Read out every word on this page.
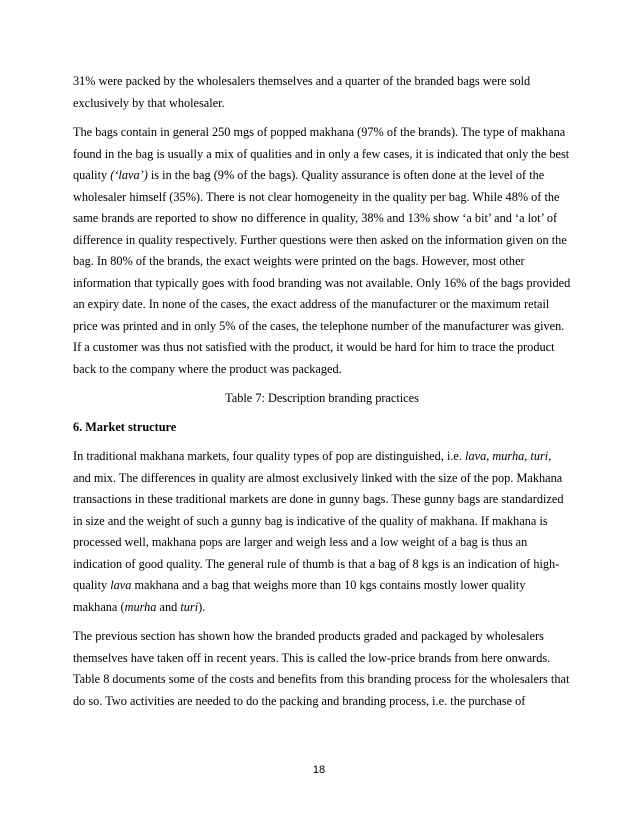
31% were packed by the wholesalers themselves and a quarter of the branded bags were sold exclusively by that wholesaler.

The bags contain in general 250 mgs of popped makhana (97% of the brands). The type of makhana found in the bag is usually a mix of qualities and in only a few cases, it is indicated that only the best quality (‘lava’) is in the bag (9% of the bags). Quality assurance is often done at the level of the wholesaler himself (35%). There is not clear homogeneity in the quality per bag. While 48% of the same brands are reported to show no difference in quality, 38% and 13% show ‘a bit’ and ‘a lot’ of difference in quality respectively. Further questions were then asked on the information given on the bag. In 80% of the brands, the exact weights were printed on the bags. However, most other information that typically goes with food branding was not available. Only 16% of the bags provided an expiry date. In none of the cases, the exact address of the manufacturer or the maximum retail price was printed and in only 5% of the cases, the telephone number of the manufacturer was given. If a customer was thus not satisfied with the product, it would be hard for him to trace the product back to the company where the product was packaged.

Table 7: Description branding practices

6. Market structure

In traditional makhana markets, four quality types of pop are distinguished, i.e. lava, murha, turi, and mix. The differences in quality are almost exclusively linked with the size of the pop. Makhana transactions in these traditional markets are done in gunny bags. These gunny bags are standardized in size and the weight of such a gunny bag is indicative of the quality of makhana. If makhana is processed well, makhana pops are larger and weigh less and a low weight of a bag is thus an indication of good quality. The general rule of thumb is that a bag of 8 kgs is an indication of high-quality lava makhana and a bag that weighs more than 10 kgs contains mostly lower quality makhana (murha and turi).

The previous section has shown how the branded products graded and packaged by wholesalers themselves have taken off in recent years. This is called the low-price brands from here onwards. Table 8 documents some of the costs and benefits from this branding process for the wholesalers that do so. Two activities are needed to do the packing and branding process, i.e. the purchase of

18
